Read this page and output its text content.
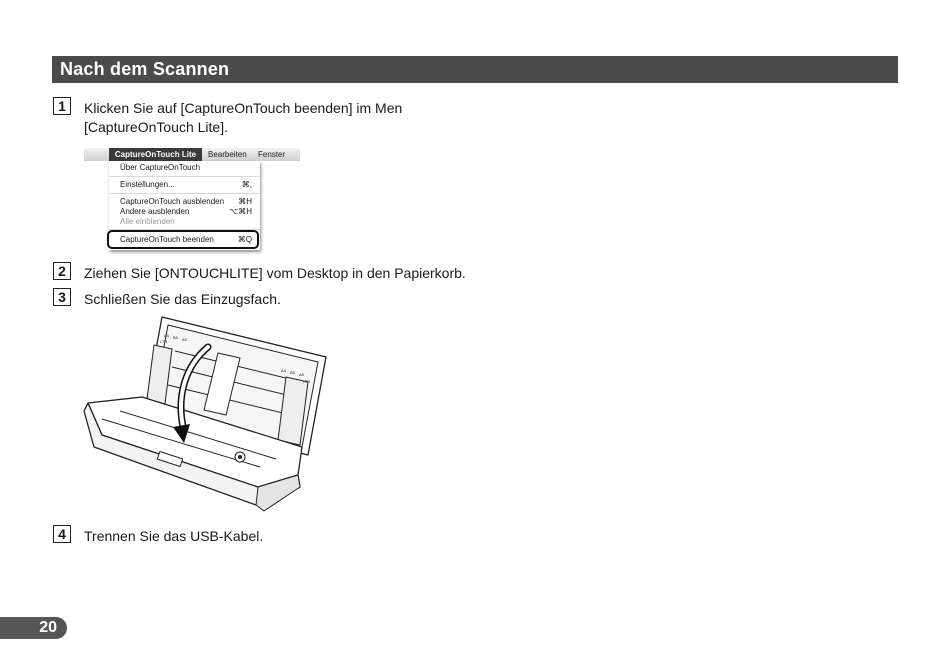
Nach dem Scannen
1	Klicken Sie auf [CaptureOnTouch beenden] im Men
[CaptureOnTouch Lite].
CaptureOnTouch Lite	Bearbeiten Fenster
Über CaptureOnTouch
Einstellungen...	⌘,
CaptureOnTouch ausblenden ⌘H
Andere ausblenden	⌥⌘H
Alle einblenden
CaptureOnTouch beenden	⌘Q
2	Ziehen Sie [ONTOUCHLITE] vom Desktop in den Papierkorb.
3	Schließen Sie das Einzugsfach.
A4 B5 A5
LTR
A4 B5 A5
LTR
4	Trennen Sie das USB-Kabel.
20
